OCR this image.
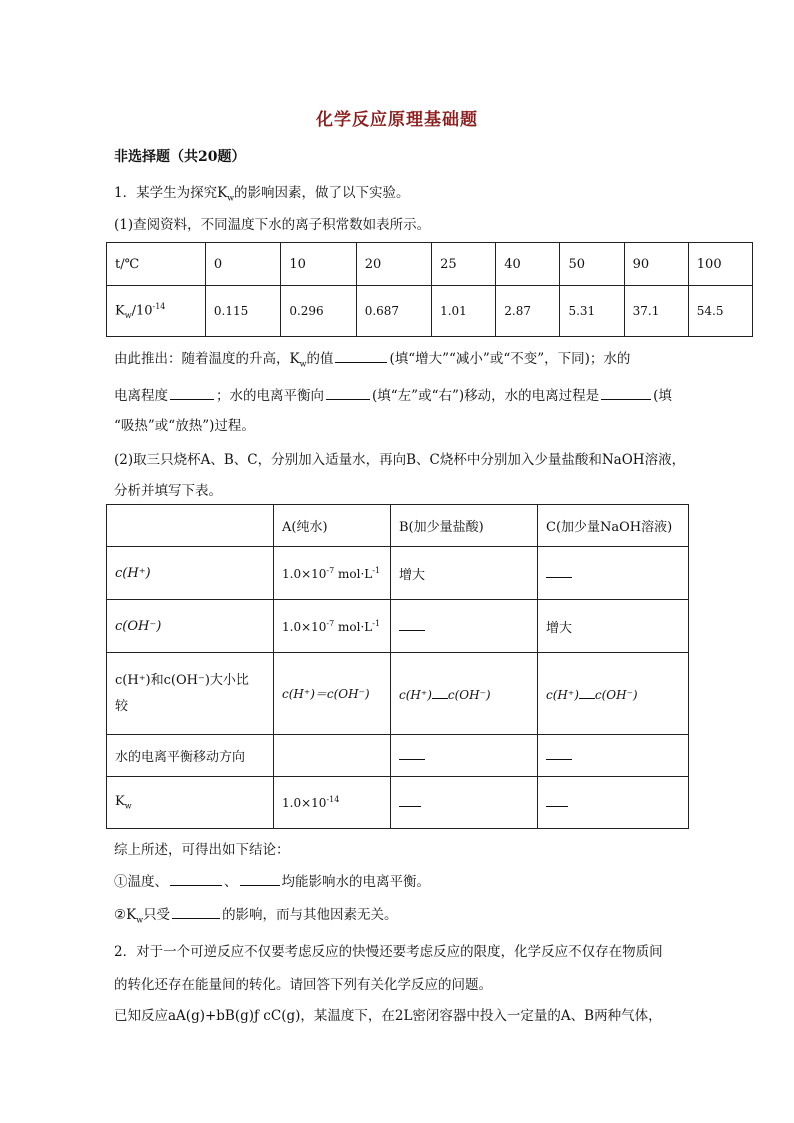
化学反应原理基础题
非选择题（共20题）
1．某学生为探究$K_w$的影响因素，做了以下实验。
(1)查阅资料，不同温度下水的离子积常数如表所示。
t/℃	0	10	20	25	40	50	90	100
$K_w/10^{-14}$	0.115	0.296	0.687	1.01	2.87	5.31	37.1	54.5
由此推出：随着温度的升高，$K_w$的值	(填“增大”“减小”或“不变”，下同)；水的
电离程度	；水的电离平衡向	(填“左”或“右”)移动，水的电离过程是	(填
“吸热”或“放热”)过程。
(2)取三只烧杯A、B、C，分别加入适量水，再向B、C烧杯中分别加入少量盐酸和NaOH溶液，
分析并填写下表。
	A(纯水)	B(加少量盐酸)	C(加少量NaOH溶液)
c(H⁺)	$1.0\times 10^{-7}$ $mol\cdot L^{-1}$	增大	
c(OH⁻)	$1.0\times 10^{-7}$ $mol\cdot L^{-1}$		增大
c(H⁺)和c(OH⁻)大小比
较	c(H⁺)＝c(OH⁻)	c(H⁺) c(OH⁻)	c(H⁺) c(OH⁻)
水的电离平衡移动方向			
$K_w$	$1.0\times 10^{-14}$		
综上所述，可得出如下结论：
①温度、	、	均能影响水的电离平衡。
$②K_w$只受	的影响，而与其他因素无关。
2．对于一个可逆反应不仅要考虑反应的快慢还要考虑反应的限度，化学反应不仅存在物质间
的转化还存在能量间的转化。请回答下列有关化学反应的问题。
已知反应aA(g)+bB(g)ƒ cC(g)，某温度下，在2L密闭容器中投入一定量的A、B两种气体，
